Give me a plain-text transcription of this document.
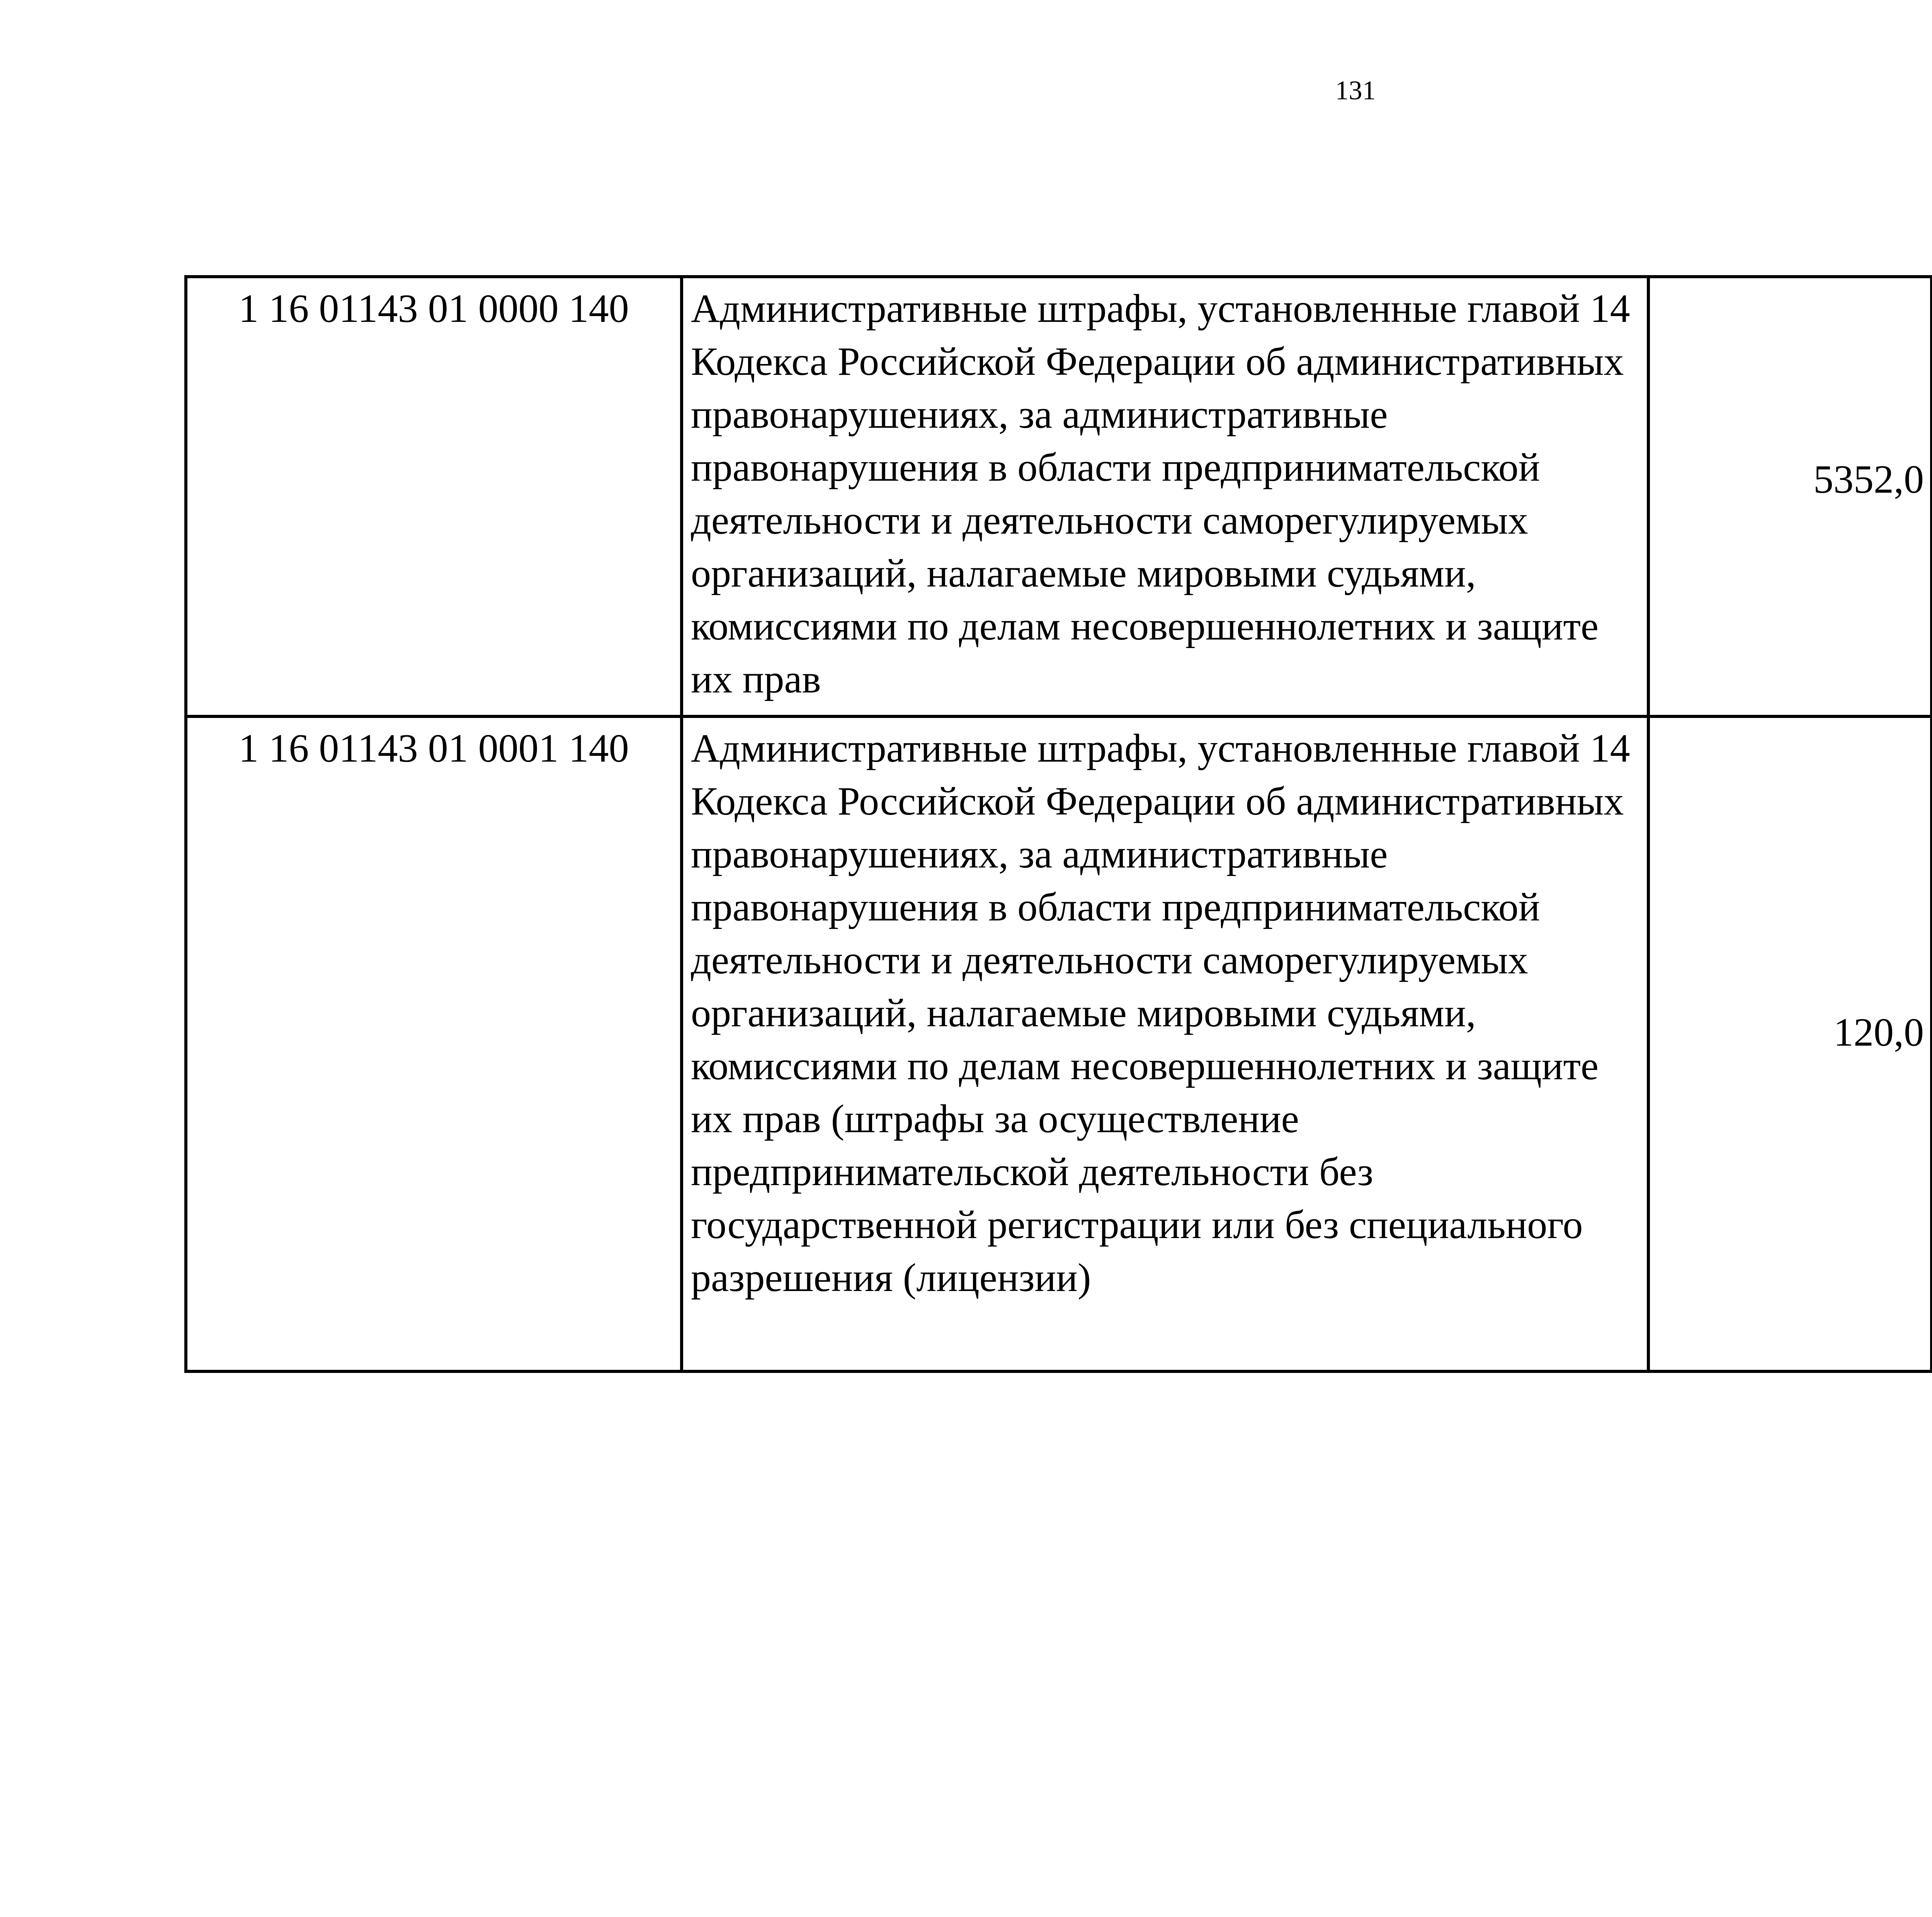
131
1 16 01143 01 0000 140	Административные штрафы, установленные главой 14 Кодекса Российской Федерации об административных правонарушениях, за административные правонарушения в области предпринимательской деятельности и деятельности саморегулируемых организаций, налагаемые мировыми судьями, комиссиями по делам несовершеннолетних и защите их прав	5352,0

1 16 01143 01 0001 140	Административные штрафы, установленные главой 14 Кодекса Российской Федерации об административных правонарушениях, за административные правонарушения в области предпринимательской деятельности и деятельности саморегулируемых организаций, налагаемые мировыми судьями, комиссиями по делам несовершеннолетних и защите их прав (штрафы за осуществление предпринимательской деятельности без государственной регистрации или без специального разрешения (лицензии)	120,0
